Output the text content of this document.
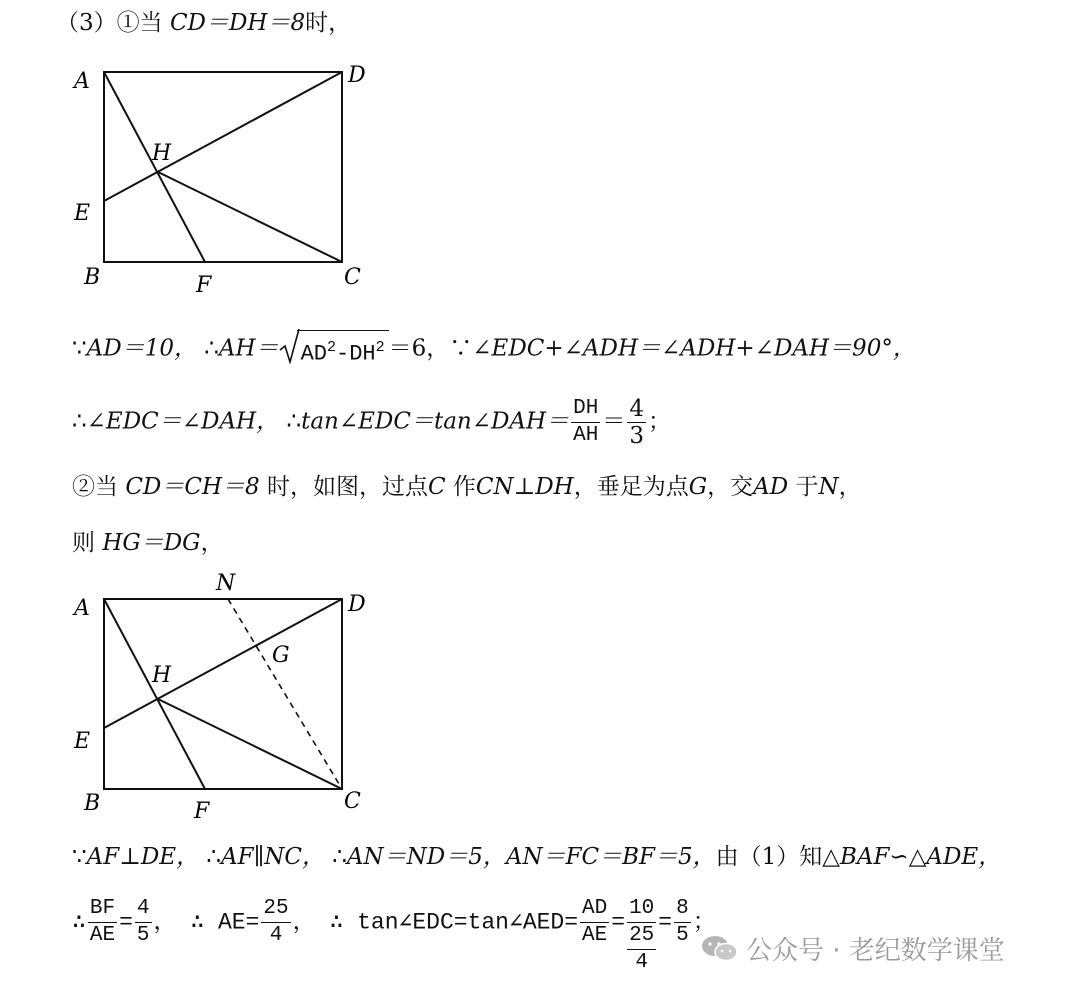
（3）①当 CD＝DH＝8时，
A	D
H
E
B	F	C
∵AD＝10， ∴AH＝ $AD^2-DH^2 =6$，∵∠EDC+∠ADH＝∠ADH+∠DAH＝90°，
∴∠EDC＝∠DAH， ∴tan∠EDC＝tan∠DAH＝ $\frac{DH}{AH} = \frac{4}{3}$ ；
②当 CD＝CH＝8 时，如图，过点C 作CN⊥DH，垂足为点G，交AD 于N，
则 HG＝DG，
N
A	D
G
H
E
B	F	C
∵AF⊥DE， ∴AF∥NC， ∴AN＝ND＝5，AN＝FC＝BF＝5，由（1）知△BAF∽△ADE，
∴ $\frac{BF}{AE} = \frac{4}{5}$ ， ∴ $AE= \frac{25}{4}$ ， ∴ tan∠EDC=tan∠AED= $\frac{AD}{AE} = \frac{10}{\frac{25}{4}} = \frac{8}{5}$ ；
公众号 · 老纪数学课堂
